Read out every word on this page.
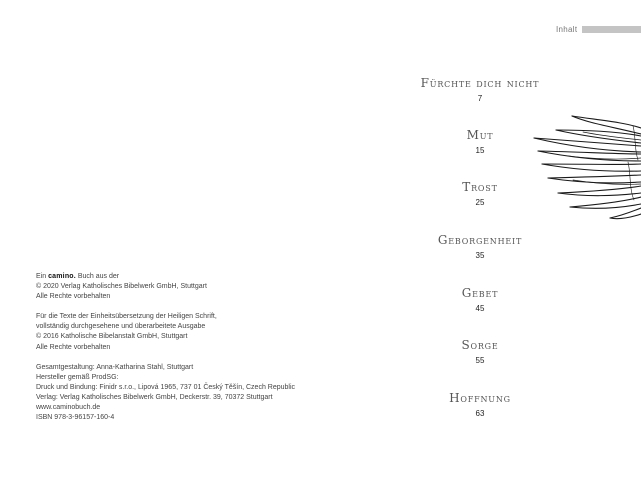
Inhalt
Ein camino. Buch aus der
© 2020 Verlag Katholisches Bibelwerk GmbH, Stuttgart
Alle Rechte vorbehalten
Für die Texte der Einheitsübersetzung der Heiligen Schrift,
vollständig durchgesehene und überarbeitete Ausgabe
© 2016 Katholische Bibelanstalt GmbH, Stuttgart
Alle Rechte vorbehalten
Gesamtgestaltung: Anna-Katharina Stahl, Stuttgart
Hersteller gemäß ProdSG:
Druck und Bindung: Finidr s.r.o., Lipová 1965, 737 01 Český Těšín, Czech Republic
Verlag: Verlag Katholisches Bibelwerk GmbH, Deckerstr. 39, 70372 Stuttgart
www.caminobuch.de
ISBN 978-3-96157-160-4
Fürchte dich nicht
7
Mut
15
Trost
25
Geborgenheit
35
Gebet
45
Sorge
55
Hoffnung
63
